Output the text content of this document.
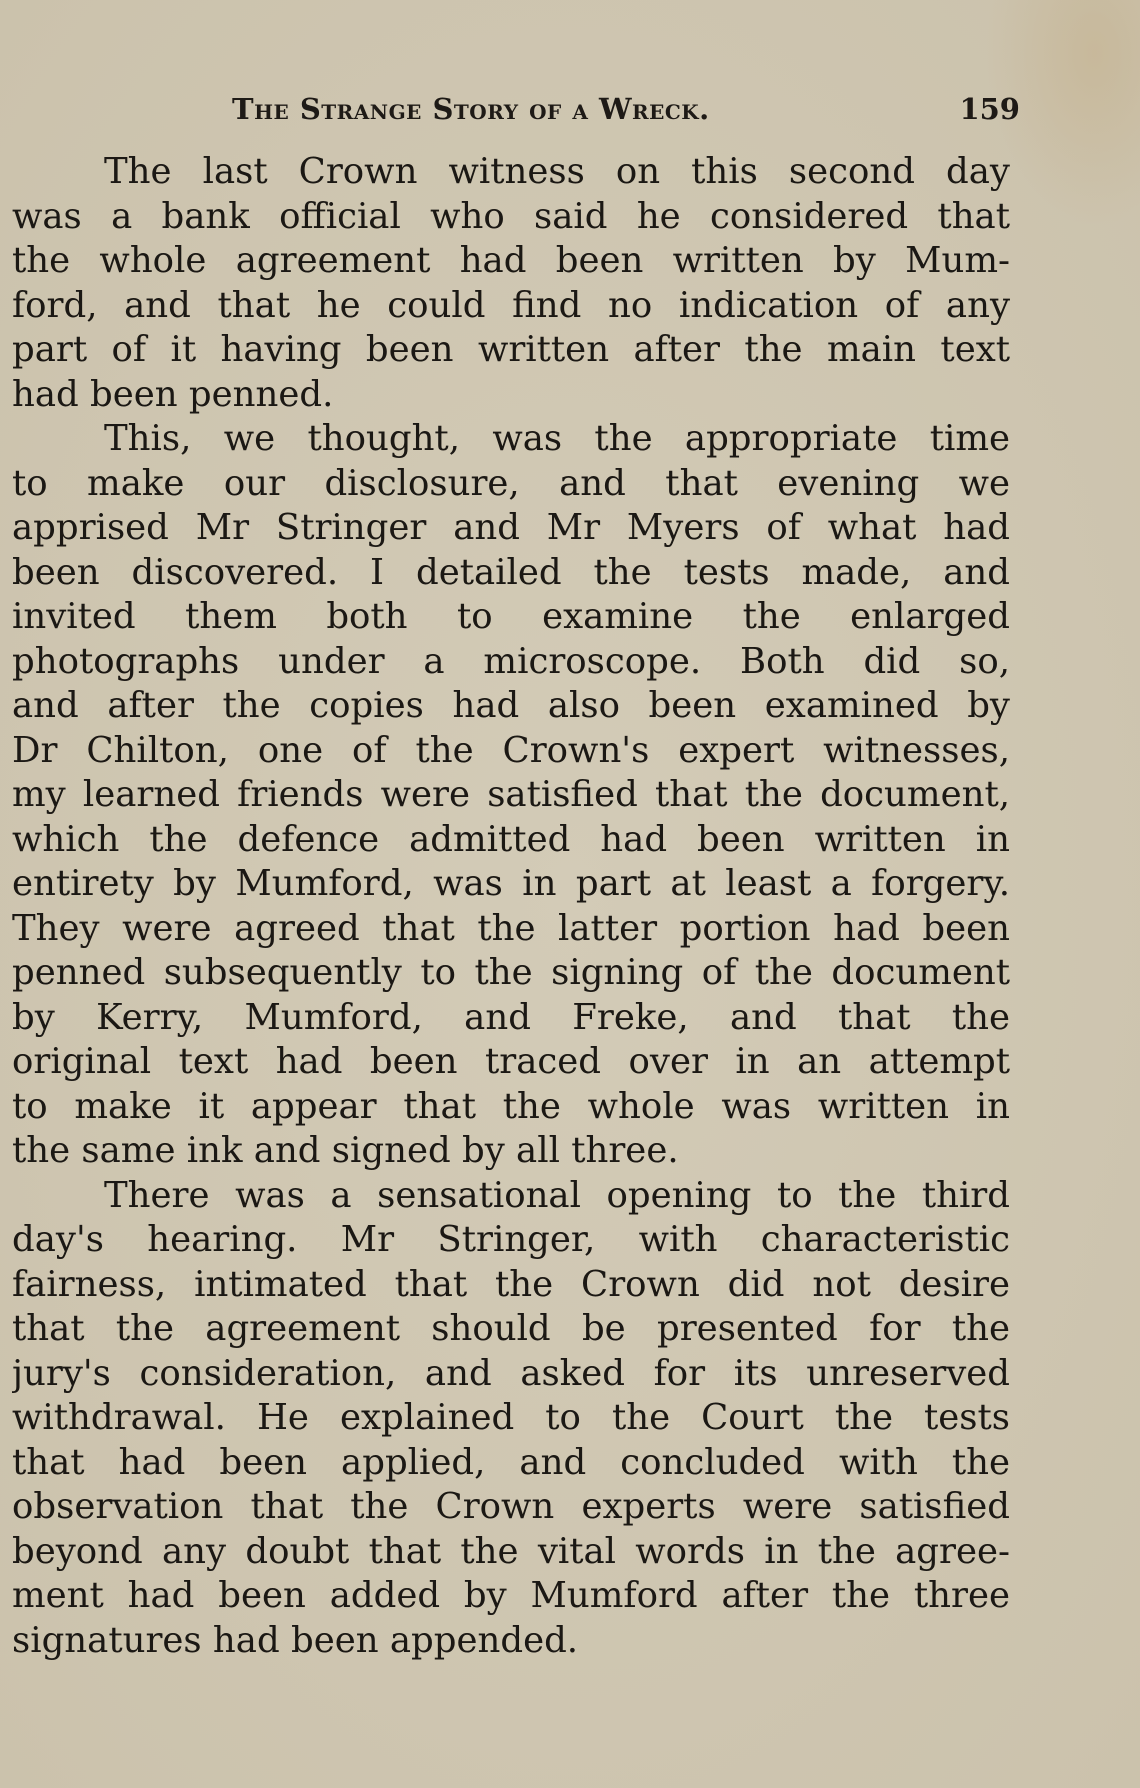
The Strange Story of a Wreck.	159

The last Crown witness on this second day
was a bank official who said he considered that
the whole agreement had been written by Mum-
ford, and that he could find no indication of any
part of it having been written after the main text
had been penned.

This, we thought, was the appropriate time
to make our disclosure, and that evening we
apprised Mr Stringer and Mr Myers of what had
been discovered. I detailed the tests made, and
invited them both to examine the enlarged
photographs under a microscope. Both did so,
and after the copies had also been examined by
Dr Chilton, one of the Crown's expert witnesses,
my learned friends were satisfied that the document,
which the defence admitted had been written in
entirety by Mumford, was in part at least a forgery.
They were agreed that the latter portion had been
penned subsequently to the signing of the document
by Kerry, Mumford, and Freke, and that the
original text had been traced over in an attempt
to make it appear that the whole was written in
the same ink and signed by all three.

There was a sensational opening to the third
day's hearing. Mr Stringer, with characteristic
fairness, intimated that the Crown did not desire
that the agreement should be presented for the
jury's consideration, and asked for its unreserved
withdrawal. He explained to the Court the tests
that had been applied, and concluded with the
observation that the Crown experts were satisfied
beyond any doubt that the vital words in the agree-
ment had been added by Mumford after the three
signatures had been appended.
